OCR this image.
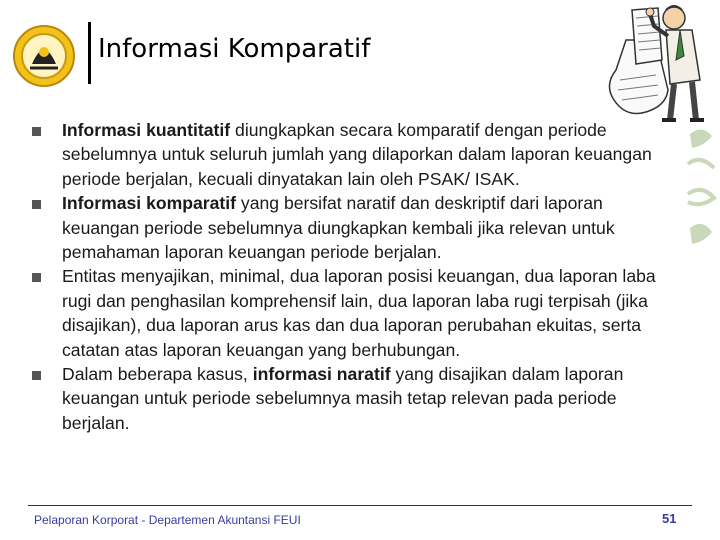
Informasi Komparatif
Informasi kuantitatif diungkapkan secara komparatif dengan periode sebelumnya untuk seluruh jumlah yang dilaporkan dalam laporan keuangan periode berjalan, kecuali dinyatakan lain oleh PSAK/ ISAK.
Informasi komparatif yang bersifat naratif dan deskriptif dari laporan keuangan periode sebelumnya diungkapkan kembali jika relevan untuk pemahaman laporan keuangan periode berjalan.
Entitas menyajikan, minimal, dua laporan posisi keuangan, dua laporan laba rugi dan penghasilan komprehensif lain, dua laporan laba rugi terpisah (jika disajikan), dua laporan arus kas dan dua laporan perubahan ekuitas, serta catatan atas laporan keuangan yang berhubungan.
Dalam beberapa kasus, informasi naratif yang disajikan dalam laporan keuangan untuk periode sebelumnya masih tetap relevan pada periode berjalan.
Pelaporan Korporat - Departemen Akuntansi FEUI	51
